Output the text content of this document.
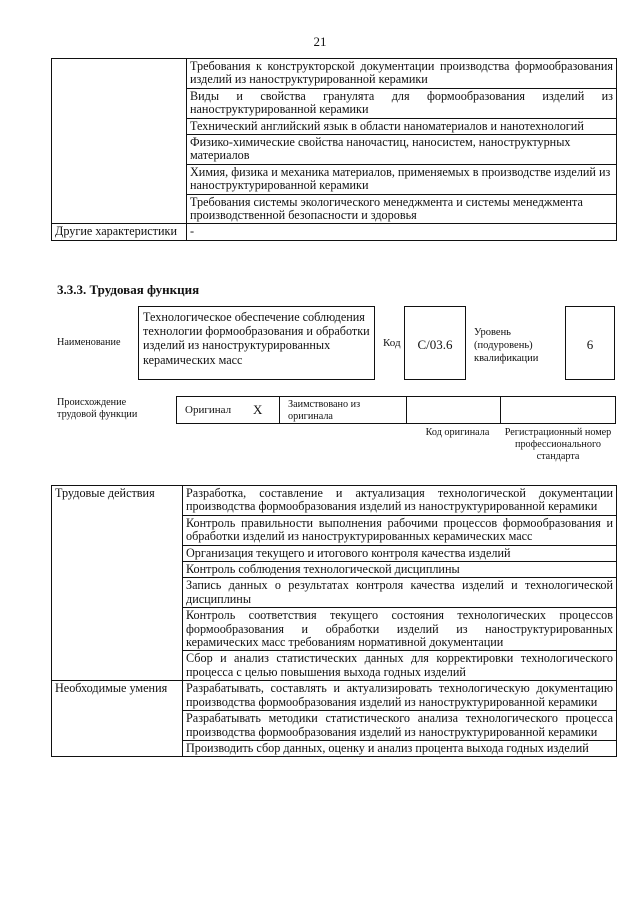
21
	Требования к конструкторской документации производства формообразования изделий из наноструктурированной керамики
	Виды и свойства гранулята для формообразования изделий из наноструктурированной керамики
	Технический английский язык в области наноматериалов и нанотехнологий
	Физико-химические свойства наночастиц, наносистем, наноструктурных материалов
	Химия, физика и механика материалов, применяемых в производстве изделий из наноструктурированной керамики
	Требования системы экологического менеджмента и системы менеджмента производственной безопасности и здоровья
Другие характеристики	-
3.3.3. Трудовая функция
Наименование
Технологическое обеспечение соблюдения технологии формообразования и обработки изделий из наноструктурированных керамических масс
Код	C/03.6
Уровень (подуровень) квалификации
6
Происхождение трудовой функции	Оригинал X	Заимствовано из оригинала
Код оригинала	Регистрационный номер профессионального стандарта
Трудовые действия	Разработка, составление и актуализация технологической документации производства формообразования изделий из наноструктурированной керамики
	Контроль правильности выполнения рабочими процессов формообразования и обработки изделий из наноструктурированных керамических масс
	Организация текущего и итогового контроля качества изделий
	Контроль соблюдения технологической дисциплины
	Запись данных о результатах контроля качества изделий и технологической дисциплины
	Контроль соответствия текущего состояния технологических процессов формообразования и обработки изделий из наноструктурированных керамических масс требованиям нормативной документации
	Сбор и анализ статистических данных для корректировки технологического процесса с целью повышения выхода годных изделий
Необходимые умения	Разрабатывать, составлять и актуализировать технологическую документацию производства формообразования изделий из наноструктурированной керамики
	Разрабатывать методики статистического анализа технологического процесса производства формообразования изделий из наноструктурированной керамики
	Производить сбор данных, оценку и анализ процента выхода годных изделий
